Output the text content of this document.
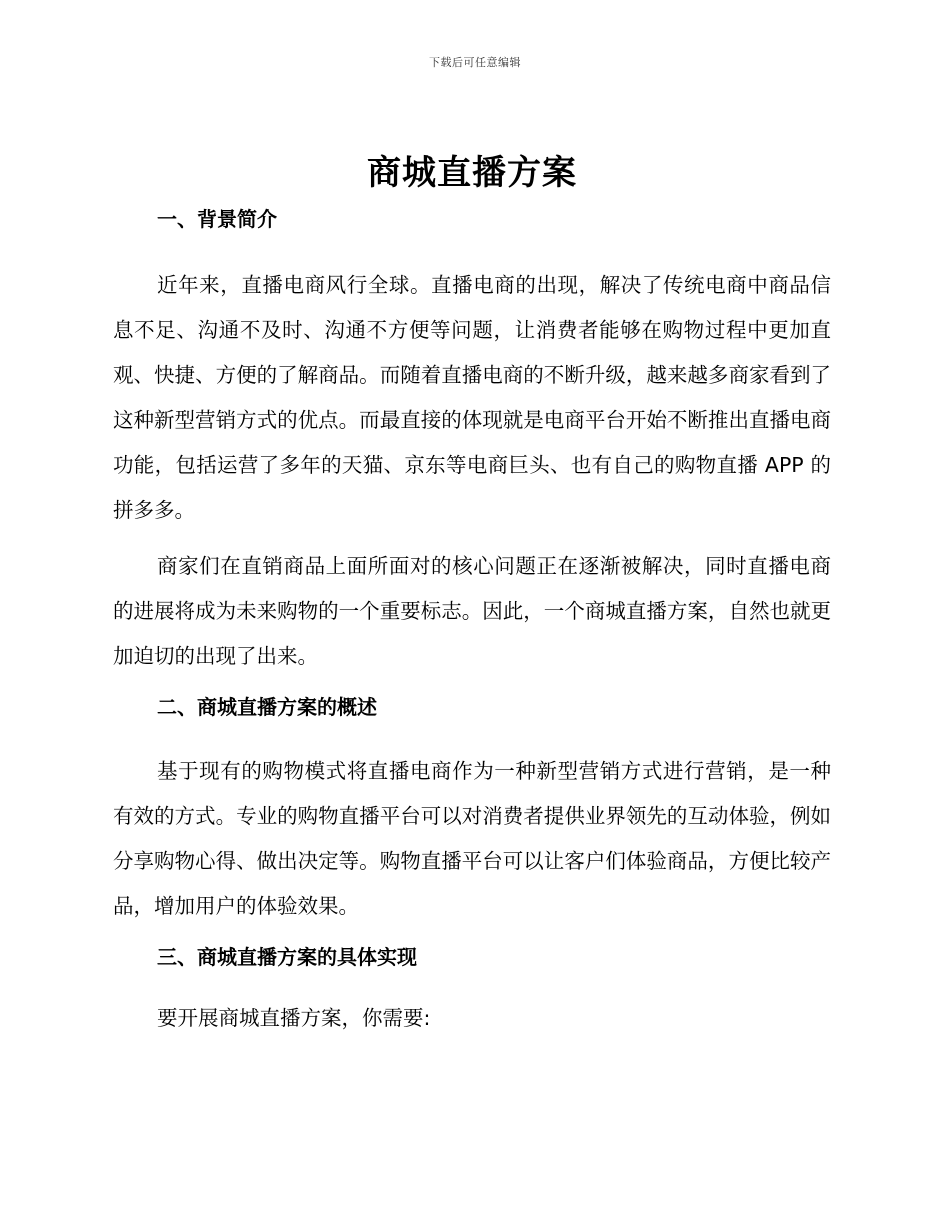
下载后可任意编辑
商城直播方案
一、背景简介

近年来，直播电商风行全球。直播电商的出现，解决了传统电商中商品信息不足、沟通不及时、沟通不方便等问题，让消费者能够在购物过程中更加直观、快捷、方便的了解商品。而随着直播电商的不断升级，越来越多商家看到了这种新型营销方式的优点。而最直接的体现就是电商平台开始不断推出直播电商功能，包括运营了多年的天猫、京东等电商巨头、也有自己的购物直播 APP 的拼多多。

商家们在直销商品上面所面对的核心问题正在逐渐被解决，同时直播电商的进展将成为未来购物的一个重要标志。因此，一个商城直播方案，自然也就更加迫切的出现了出来。

二、商城直播方案的概述

基于现有的购物模式将直播电商作为一种新型营销方式进行营销，是一种有效的方式。专业的购物直播平台可以对消费者提供业界领先的互动体验，例如分享购物心得、做出决定等。购物直播平台可以让客户们体验商品，方便比较产品，增加用户的体验效果。

三、商城直播方案的具体实现

要开展商城直播方案，你需要:
